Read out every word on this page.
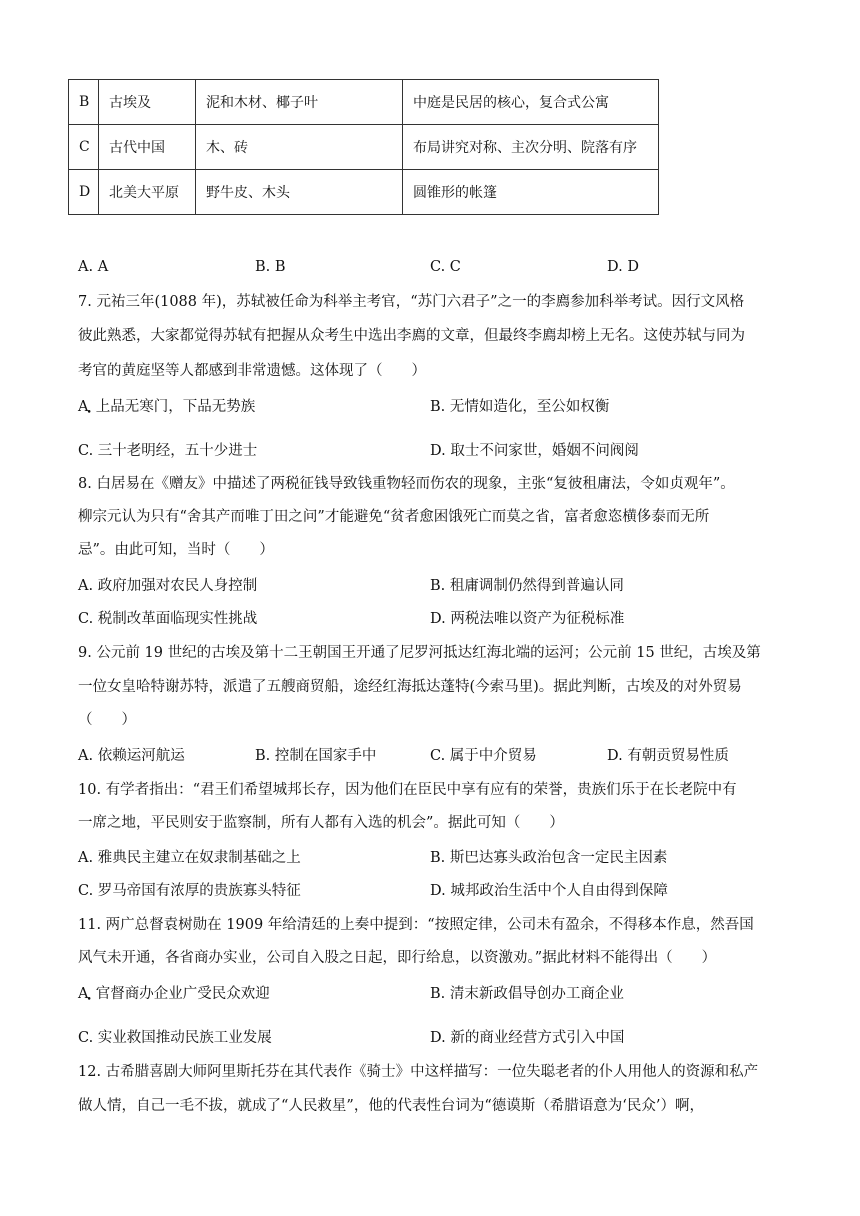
B	古埃及	泥和木材、椰子叶	中庭是民居的核心，复合式公寓
C	古代中国	木、砖	布局讲究对称、主次分明、院落有序
D	北美大平原	野牛皮、木头	圆锥形的帐篷
A. A	B. B	C. C	D. D
7. 元祐三年(1088 年)，苏轼被任命为科举主考官，“苏门六君子”之一的李廌参加科举考试。因行文风格
彼此熟悉，大家都觉得苏轼有把握从众考生中选出李廌的文章，但最终李廌却榜上无名。这使苏轼与同为
考官的黄庭坚等人都感到非常遗憾。这体现了（　　）
$A_•$ 上品无寒门，下品无势族	B. 无情如造化，至公如权衡
C. 三十老明经，五十少进士	D. 取士不问家世，婚姻不问阀阅
8. 白居易在《赠友》中描述了两税征钱导致钱重物轻而伤农的现象，主张“复彼租庸法，令如贞观年”。
柳宗元认为只有“舍其产而唯丁田之问”才能避免“贫者愈困饿死亡而莫之省，富者愈恣横侈泰而无所
忌”。由此可知，当时（　　）
A. 政府加强对农民人身控制	B. 租庸调制仍然得到普遍认同
C. 税制改革面临现实性挑战	D. 两税法唯以资产为征税标准
9. 公元前 19 世纪的古埃及第十二王朝国王开通了尼罗河抵达红海北端的运河；公元前 15 世纪，古埃及第
一位女皇哈特谢苏特，派遣了五艘商贸船，途经红海抵达蓬特(今索马里)。据此判断，古埃及的对外贸易
（　　）
A. 依赖运河航运	B. 控制在国家手中	C. 属于中介贸易	D. 有朝贡贸易性质
10. 有学者指出：“君王们希望城邦长存，因为他们在臣民中享有应有的荣誉，贵族们乐于在长老院中有
一席之地，平民则安于监察制，所有人都有入选的机会”。据此可知（　　）
A. 雅典民主建立在奴隶制基础之上	B. 斯巴达寡头政治包含一定民主因素
C. 罗马帝国有浓厚的贵族寡头特征	D. 城邦政治生活中个人自由得到保障
11. 两广总督袁树勋在 1909 年给清廷的上奏中提到：“按照定律，公司未有盈余，不得移本作息，然吾国
风气未开通，各省商办实业，公司自入股之日起，即行给息，以资激劝。”据此材料不能得出（　　）
$A_•$ 官督商办企业广受民众欢迎	B. 清末新政倡导创办工商企业
C. 实业救国推动民族工业发展	D. 新的商业经营方式引入中国
12. 古希腊喜剧大师阿里斯托芬在其代表作《骑士》中这样描写：一位失聪老者的仆人用他人的资源和私产
做人情，自己一毛不拔，就成了“人民救星”，他的代表性台词为“德谟斯（希腊语意为‘民众’）啊，
